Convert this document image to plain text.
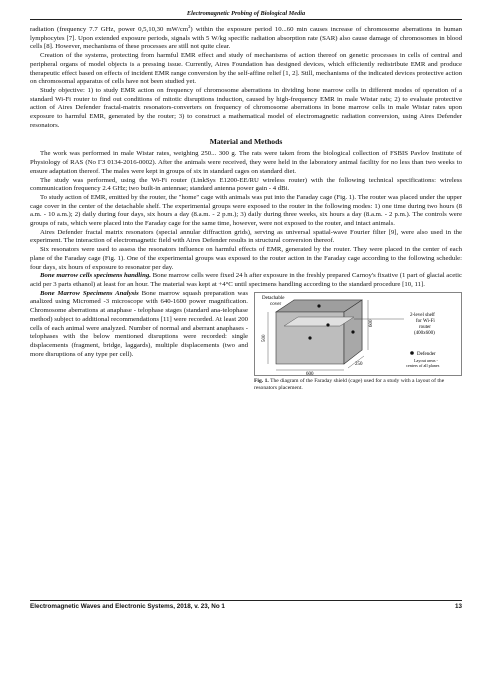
Electromagnetic Probing of Biological Media

radiation (frequency 7.7 GHz, power 0,5,10,30 $mW/cm^2$) within the exposure period 10...60 min causes increase of chromosome aberrations in human lymphocytes [7]. Upon extended exposure periods, signals with 5 W/kg specific radiation absorption rate (SAR) also cause damage of chromosomes in blood cells [8]. However, mechanisms of these processes are still not quite clear.

Creation of the systems, protecting from harmful EMR effect and study of mechanisms of action thereof on genetic processes in cells of central and peripheral organs of model objects is a pressing issue. Currently, Aires Foundation has designed devices, which efficiently redistribute EMR and produce therapeutic effect based on effects of incident EMR range conversion by the self-affine relief [1, 2]. Still, mechanisms of the indicated devices protective action on chromosomal apparatus of cells have not been studied yet.

Study objective: 1) to study EMR action on frequency of chromosome aberrations in dividing bone marrow cells in different modes of operation of a standard Wi-Fi router to find out conditions of mitotic disruptions induction, caused by high-frequency EMR in male Wistar rats; 2) to evaluate protective action of Aires Defender fractal-matrix resonators-converters on frequency of chromosome aberrations in bone marrow cells in male Wistar rates upon exposure to harmful EMR, generated by the router; 3) to construct a mathematical model of electromagnetic radiation conversion, using Aires Defender resonators.

Material and Methods

The work was performed in male Wistar rates, weighing 250... 300 g. The rats were taken from the biological collection of FSBIS Pavlov Institute of Physiology of RAS (No ГЗ 0134-2016-0002). After the animals were received, they were held in the laboratory animal facility for no less than two weeks to ensure adaptation thereof. The males were kept in groups of six in standard cages on standard diet.

The study was performed, using the Wi-Fi router (LinkSys E1200-EE/RU wireless router) with the following technical specifications: wireless communication frequency 2.4 GHz; two built-in antennae; standard antenna power gain - 4 dBi.

To study action of EMR, emitted by the router, the "home" cage with animals was put into the Faraday cage (Fig. 1). The router was placed under the upper cage cover in the center of the detachable shelf. The experimental groups were exposed to the router in the following modes: 1) one time during two hours (8 a.m. - 10 a.m.); 2) daily during four days, six hours a day (8.a.m. - 2 p.m.); 3) daily during three weeks, six hours a day (8.a.m. - 2 p.m.). The controls were groups of rats, which were placed into the Faraday cage for the same time, however, were not exposed to the router, and intact animals.

Aires Defender fractal matrix resonators (special annular diffraction grids), serving as universal spatial-wave Fourier filter [9], were also used in the experiment. The interaction of electromagnetic field with Aires Defender results in structural conversion thereof.

Six resonators were used to assess the resonators influence on harmful effects of EMR, generated by the router. They were placed in the center of each plane of the Faraday cage (Fig. 1). One of the experimental groups was exposed to the router action in the Faraday cage according to the following schedule: four days, six hours of exposure to resonator per day.

Bone marrow cells specimens handling. Bone marrow cells were fixed 24 h after exposure in the freshly prepared Carnoy's fixative (1 part of glacial acetic acid per 3 parts ethanol) at least for an hour. The material was kept at +4°C until specimens handling according to the standard procedure [10, 11].

Bone Marrow Specimens Analysis Bone marrow squash preparation was analized using Micromed -3 microscope with 640-1600 power magnification. Chromosome aberrations at anaphase - telophase stages (standard ana-telophase method) subject to additional recommendations [11] were recorded. At least 200 cells of each animal were analyzed. Number of normal and aberrant anaphases - telophases with the below mentioned disruptions were recorded: single displacements (fragment, bridge, laggards), multiple displacements (two and more disruptions of any type per cell).

Detachable
cover
600
500
600
250
2-level shelf
for Wi-Fi
router
(400x600)
Defender
Layout areas -
centers of all planes
Fig. 1. The diagram of the Faraday shield (cage) used for a study with a layout of the resonators placement.
Electromagnetic Waves and Electronic Systems, 2018, v. 23, No 1	13
